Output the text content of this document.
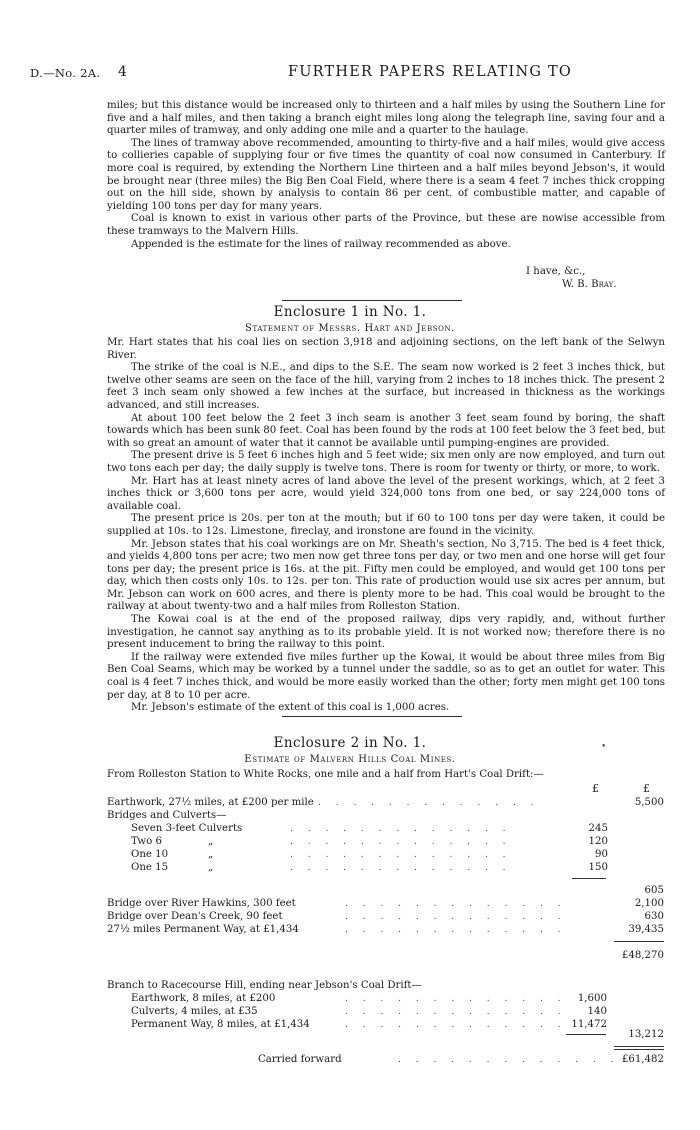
D.—No. 2A. 4	FURTHER PAPERS RELATING TO

miles; but this distance would be increased only to thirteen and a half miles by using the Southern Line for five and a half miles, and then taking a branch eight miles long along the telegraph line, saving four and a quarter miles of tramway, and only adding one mile and a quarter to the haulage.

The lines of tramway above recommended, amounting to thirty-five and a half miles, would give access to collieries capable of supplying four or five times the quantity of coal now consumed in Canterbury. If more coal is required, by extending the Northern Line thirteen and a half miles beyond Jebson's, it would be brought near (three miles) the Big Ben Coal Field, where there is a seam 4 feet 7 inches thick cropping out on the hill side, shown by analysis to contain 86 per cent. of combustible matter, and capable of yielding 100 tons per day for many years.

Coal is known to exist in various other parts of the Province, but these are nowise accessible from these tramways to the Malvern Hills.

Appended is the estimate for the lines of railway recommended as above.

I have, &c.,
W. B. Bray.
Enclosure 1 in No. 1.
Statement of Messrs. Hart and Jebson.

Mr. Hart states that his coal lies on section 3,918 and adjoining sections, on the left bank of the Selwyn River.

The strike of the coal is N.E., and dips to the S.E. The seam now worked is 2 feet 3 inches thick, but twelve other seams are seen on the face of the hill, varying from 2 inches to 18 inches thick. The present 2 feet 3 inch seam only showed a few inches at the surface, but increased in thickness as the workings advanced, and still increases.

At about 100 feet below the 2 feet 3 inch seam is another 3 feet seam found by boring, the shaft towards which has been sunk 80 feet. Coal has been found by the rods at 100 feet below the 3 feet bed, but with so great an amount of water that it cannot be available until pumping-engines are provided.

The present drive is 5 feet 6 inches high and 5 feet wide; six men only are now employed, and turn out two tons each per day; the daily supply is twelve tons. There is room for twenty or thirty, or more, to work.

Mr. Hart has at least ninety acres of land above the level of the present workings, which, at 2 feet 3 inches thick or 3,600 tons per acre, would yield 324,000 tons from one bed, or say 224,000 tons of available coal.

The present price is 20s. per ton at the mouth; but if 60 to 100 tons per day were taken, it could be supplied at 10s. to 12s. Limestone, fireclay, and ironstone are found in the vicinity.

Mr. Jebson states that his coal workings are on Mr. Sheath's section, No 3,715. The bed is 4 feet thick, and yields 4,800 tons per acre; two men now get three tons per day, or two men and one horse will get four tons per day; the present price is 16s. at the pit. Fifty men could be employed, and would get 100 tons per day, which then costs only 10s. to 12s. per ton. This rate of production would use six acres per annum, but Mr. Jebson can work on 600 acres, and there is plenty more to be had. This coal would be brought to the railway at about twenty-two and a half miles from Rolleston Station.

The Kowai coal is at the end of the proposed railway, dips very rapidly, and, without further investigation, he cannot say anything as to its probable yield. It is not worked now; therefore there is no present inducement to bring the railway to this point.

If the railway were extended five miles further up the Kowai, it would be about three miles from Big Ben Coal Seams, which may be worked by a tunnel under the saddle, so as to get an outlet for water. This coal is 4 feet 7 inches thick, and would be more easily worked than the other; forty men might get 100 tons per day, at 8 to 10 per acre.

Mr. Jebson's estimate of the extent of this coal is 1,000 acres.

Enclosure 2 in No. 1.
Estimate of Malvern Hills Coal Mines.
•
From Rolleston Station to White Rocks, one mile and a half from Hart's Coal Drift:—
£	£
Earthwork, 27½ miles, at £200 per mile . . . . . . . . . . . . .	5,500
Bridges and Culverts—
Seven 3-feet Culverts	. . . . . . . . . . . . .	245
Two 6	„	. . . . . . . . . . . . .	120
One 10	„	. . . . . . . . . . . . .	90
One 15	„	. . . . . . . . . . . . .	150
605
Bridge over River Hawkins, 300 feet	. . . . . . . . . . . . .	2,100
Bridge over Dean's Creek, 90 feet	. . . . . . . . . . . . .	630
27½ miles Permanent Way, at £1,434	. . . . . . . . . . . . .	39,435
£48,270
Branch to Racecourse Hill, ending near Jebson's Coal Drift—
Earthwork, 8 miles, at £200	. . . . . . . . . . . . .	1,600
Culverts, 4 miles, at £35	. . . . . . . . . . . . .	140
Permanent Way, 8 miles, at £1,434	. . . . . . . . . . . . . 11,472
13,212
Carried forward	. . . . . . . . . . . . . £61,482
